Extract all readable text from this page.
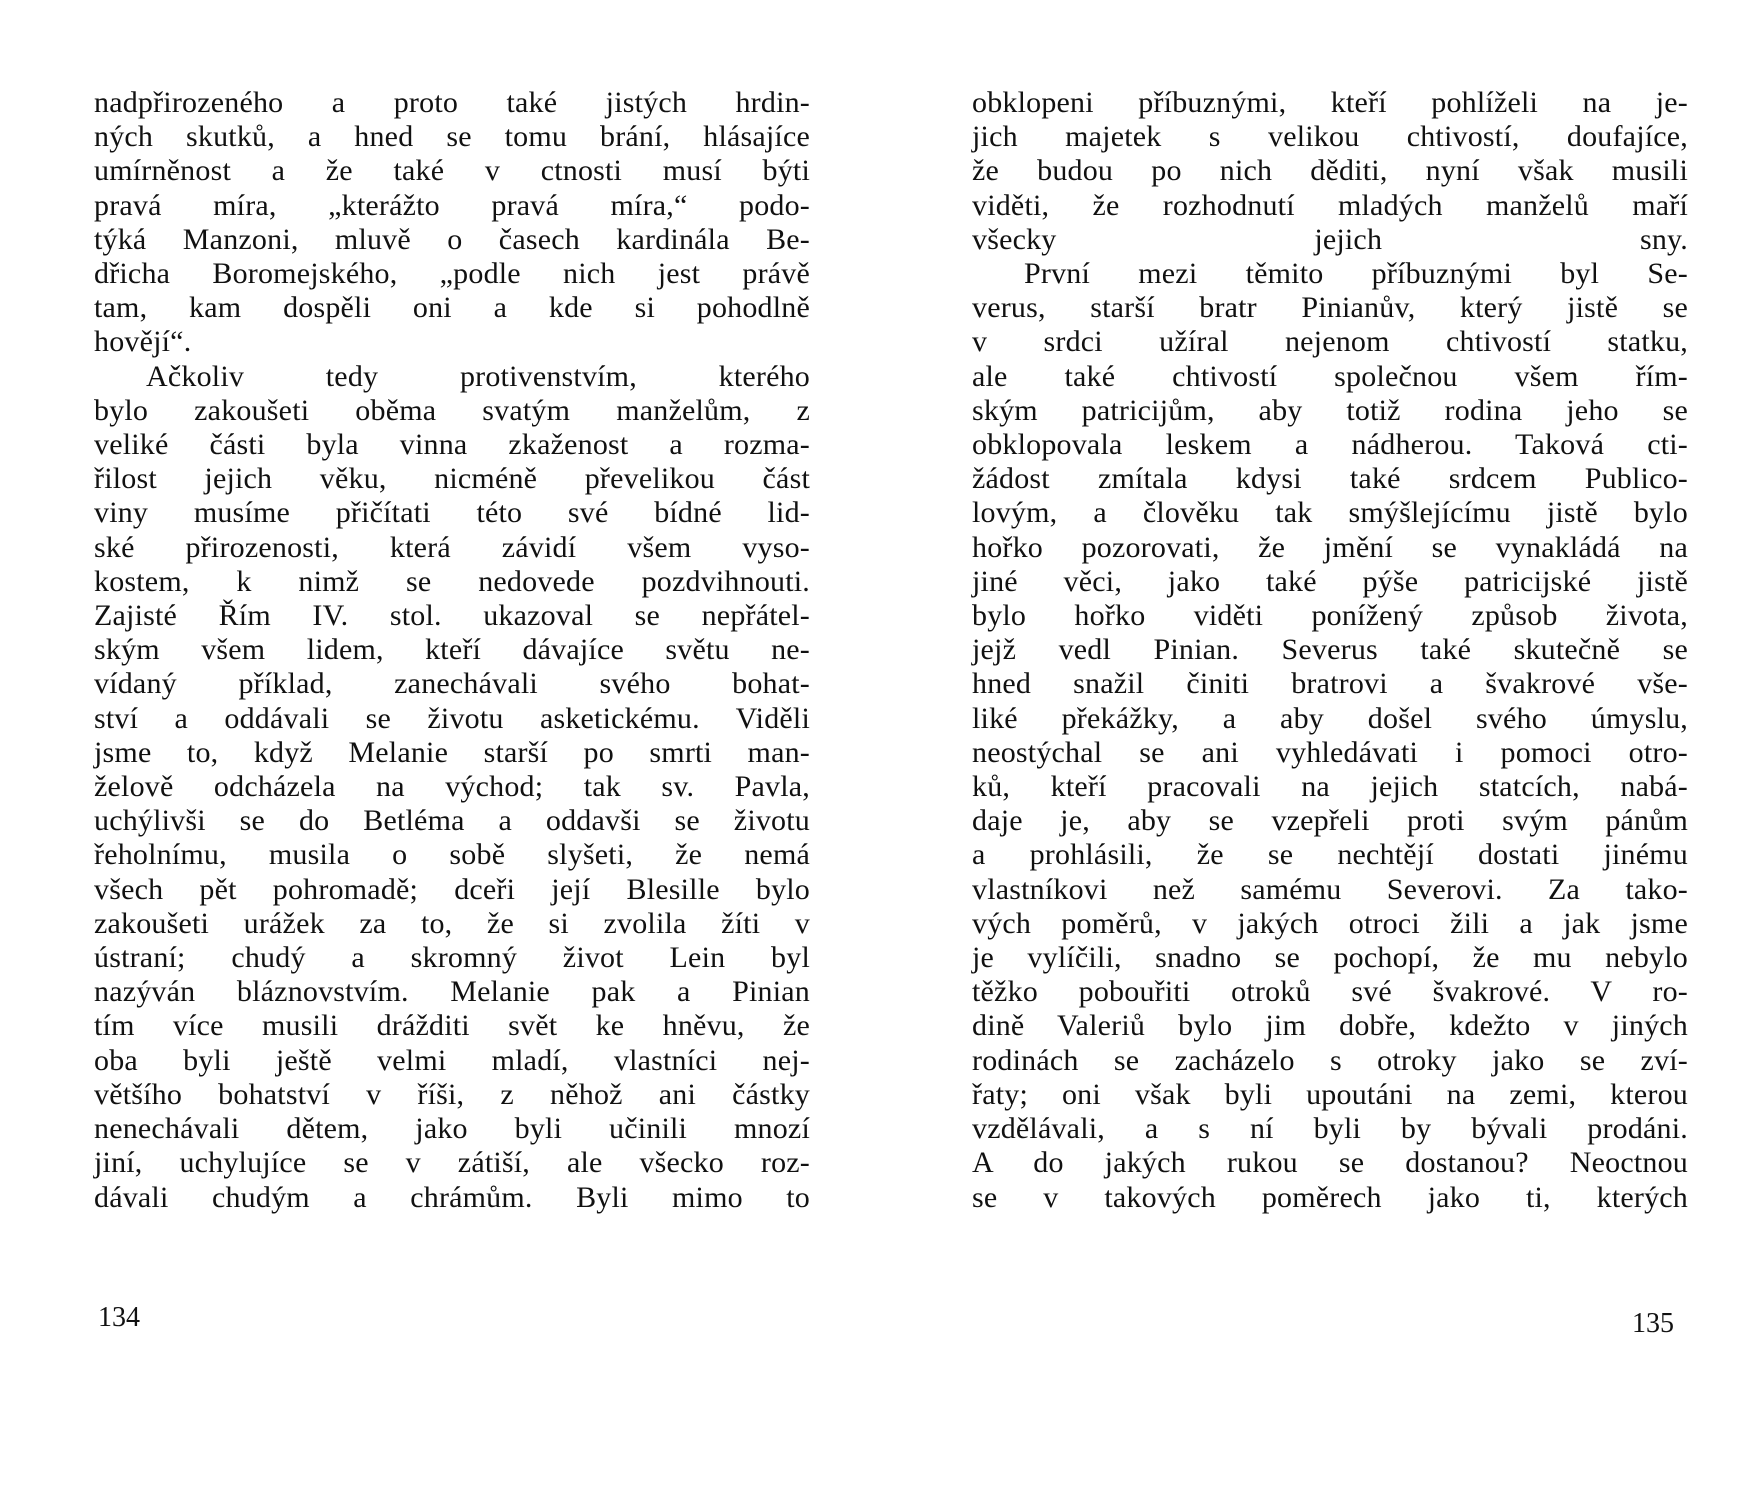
nadpřirozeného a proto také jistých hrdin-
ných skutků, a hned se tomu brání, hlásajíce
umírněnost a že také v ctnosti musí býti
pravá míra, „kterážto pravá míra,“ podo-
týká Manzoni, mluvě o časech kardinála Be-
dřicha Boromejského, „podle nich jest právě
tam, kam dospěli oni a kde si pohodlně
hovějí“.
Ačkoliv tedy protivenstvím, kterého
bylo zakoušeti oběma svatým manželům, z
veliké části byla vinna zkaženost a rozma-
řilost jejich věku, nicméně převelikou část
viny musíme přičítati této své bídné lid-
ské přirozenosti, která závidí všem vyso-
kostem, k nimž se nedovede pozdvihnouti.
Zajisté Řím IV. stol. ukazoval se nepřátel-
ským všem lidem, kteří dávajíce světu ne-
vídaný příklad, zanechávali svého bohat-
ství a oddávali se životu asketickému. Viděli
jsme to, když Melanie starší po smrti man-
želově odcházela na východ; tak sv. Pavla,
uchýlivši se do Betléma a oddavši se životu
řeholnímu, musila o sobě slyšeti, že nemá
všech pět pohromadě; dceři její Blesille bylo
zakoušeti urážek za to, že si zvolila žíti v
ústraní; chudý a skromný život Lein byl
nazýván bláznovstvím. Melanie pak a Pinian
tím více musili drážditi svět ke hněvu, že
oba byli ještě velmi mladí, vlastníci nej-
většího bohatství v říši, z něhož ani částky
nenechávali dětem, jako byli učinili mnozí
jiní, uchylujíce se v zátiší, ale všecko roz-
dávali chudým a chrámům. Byli mimo to
obklopeni příbuznými, kteří pohlíželi na je-
jich majetek s velikou chtivostí, doufajíce,
že budou po nich děditi, nyní však musili
viděti, že rozhodnutí mladých manželů maří
všecky jejich sny.
První mezi těmito příbuznými byl Se-
verus, starší bratr Pinianův, který jistě se
v srdci užíral nejenom chtivostí statku,
ale také chtivostí společnou všem řím-
ským patricijům, aby totiž rodina jeho se
obklopovala leskem a nádherou. Taková cti-
žádost zmítala kdysi také srdcem Publico-
lovým, a člověku tak smýšlejícímu jistě bylo
hořko pozorovati, že jmění se vynakládá na
jiné věci, jako také pýše patricijské jistě
bylo hořko viděti ponížený způsob života,
jejž vedl Pinian. Severus také skutečně se
hned snažil činiti bratrovi a švakrové vše-
liké překážky, a aby došel svého úmyslu,
neostýchal se ani vyhledávati i pomoci otro-
ků, kteří pracovali na jejich statcích, nabá-
daje je, aby se vzepřeli proti svým pánům
a prohlásili, že se nechtějí dostati jinému
vlastníkovi než samému Severovi. Za tako-
vých poměrů, v jakých otroci žili a jak jsme
je vylíčili, snadno se pochopí, že mu nebylo
těžko pobouřiti otroků své švakrové. V ro-
dině Valeriů bylo jim dobře, kdežto v jiných
rodinách se zacházelo s otroky jako se zví-
řaty; oni však byli upoutáni na zemi, kterou
vzdělávali, a s ní byli by bývali prodáni.
A do jakých rukou se dostanou? Neoctnou
se v takových poměrech jako ti, kterých
134	135
